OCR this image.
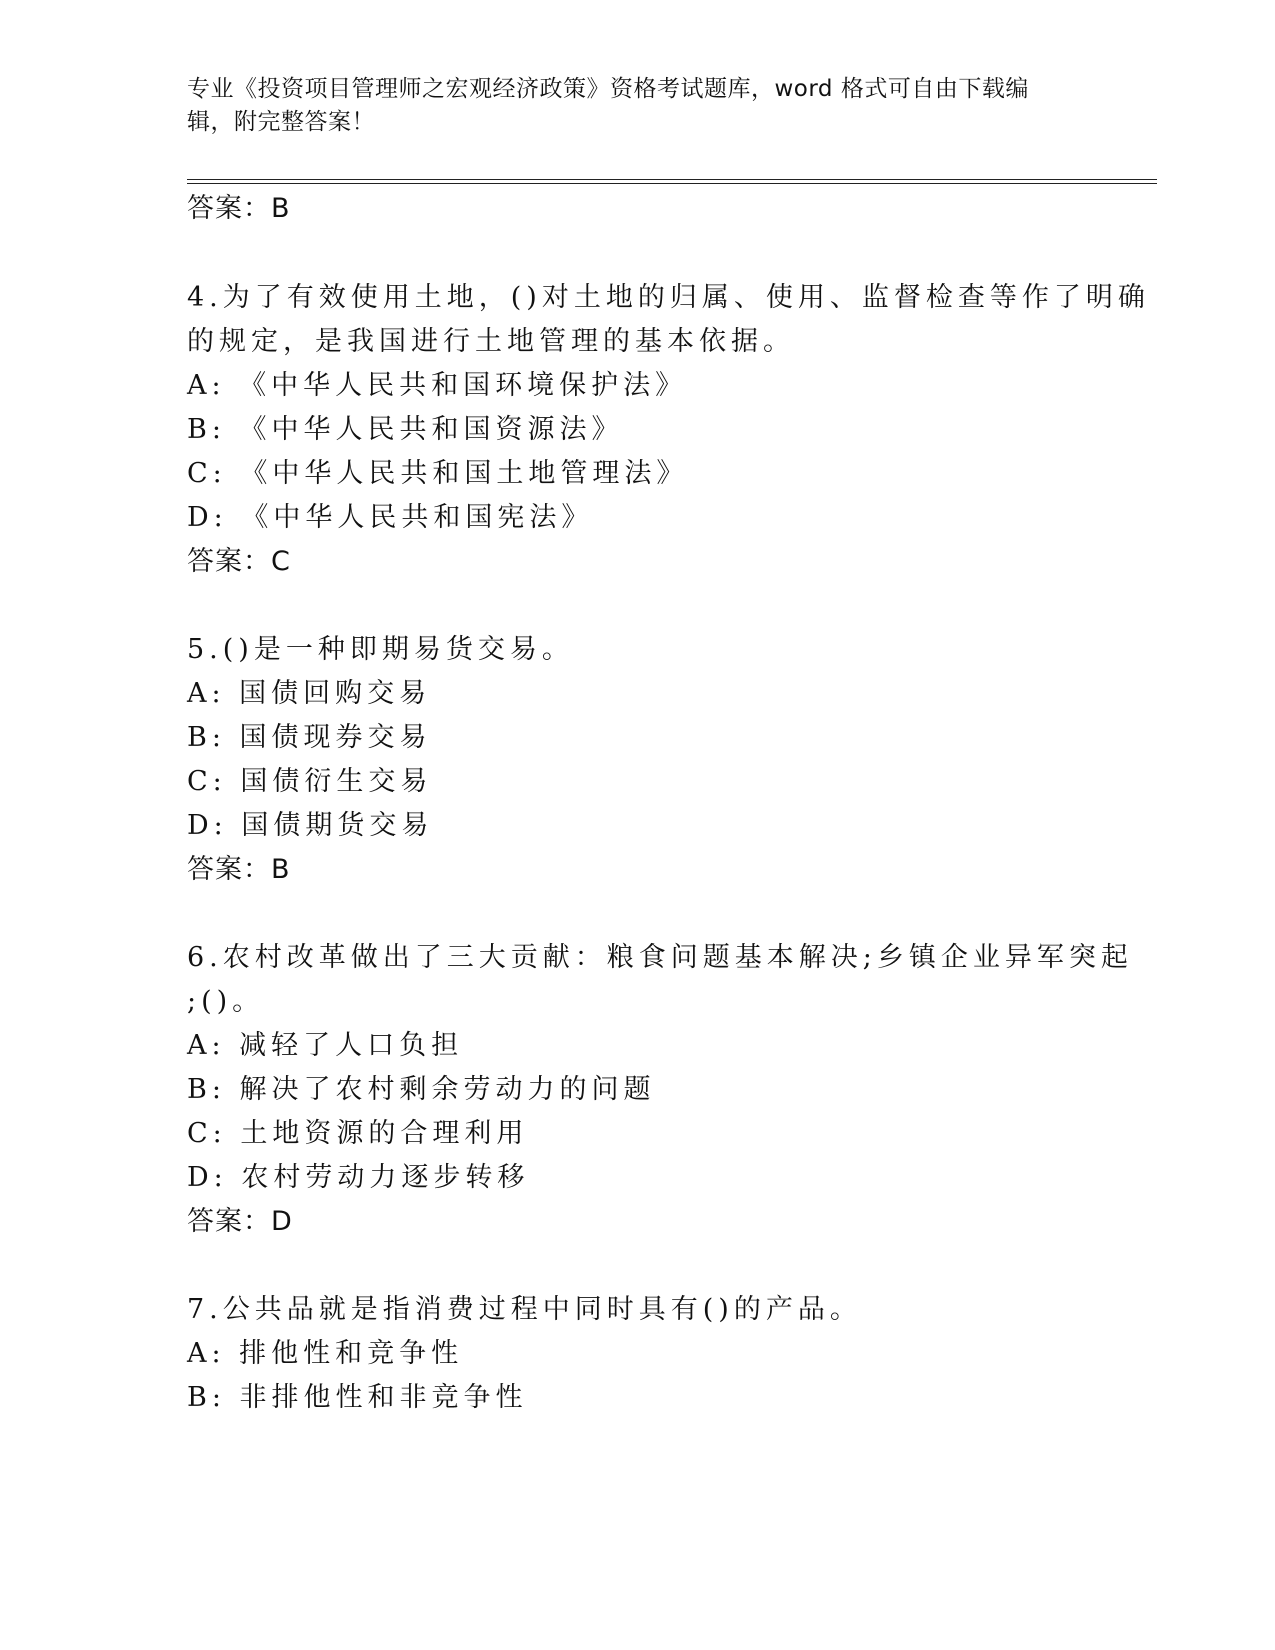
专业《投资项目管理师之宏观经济政策》资格考试题库，word 格式可自由下载编
辑，附完整答案！
答案：B
4.为了有效使用土地，()对土地的归属、使用、监督检查等作了明确
的规定，是我国进行土地管理的基本依据。
A: 《中华人民共和国环境保护法》
B: 《中华人民共和国资源法》
C: 《中华人民共和国土地管理法》
D: 《中华人民共和国宪法》
答案：C
5.()是一种即期易货交易。
A: 国债回购交易
B: 国债现券交易
C: 国债衍生交易
D: 国债期货交易
答案：B
6.农村改革做出了三大贡献：粮食问题基本解决;乡镇企业异军突起
;()。
A: 减轻了人口负担
B: 解决了农村剩余劳动力的问题
C: 土地资源的合理利用
D: 农村劳动力逐步转移
答案：D
7.公共品就是指消费过程中同时具有()的产品。
A: 排他性和竞争性
B: 非排他性和非竞争性
